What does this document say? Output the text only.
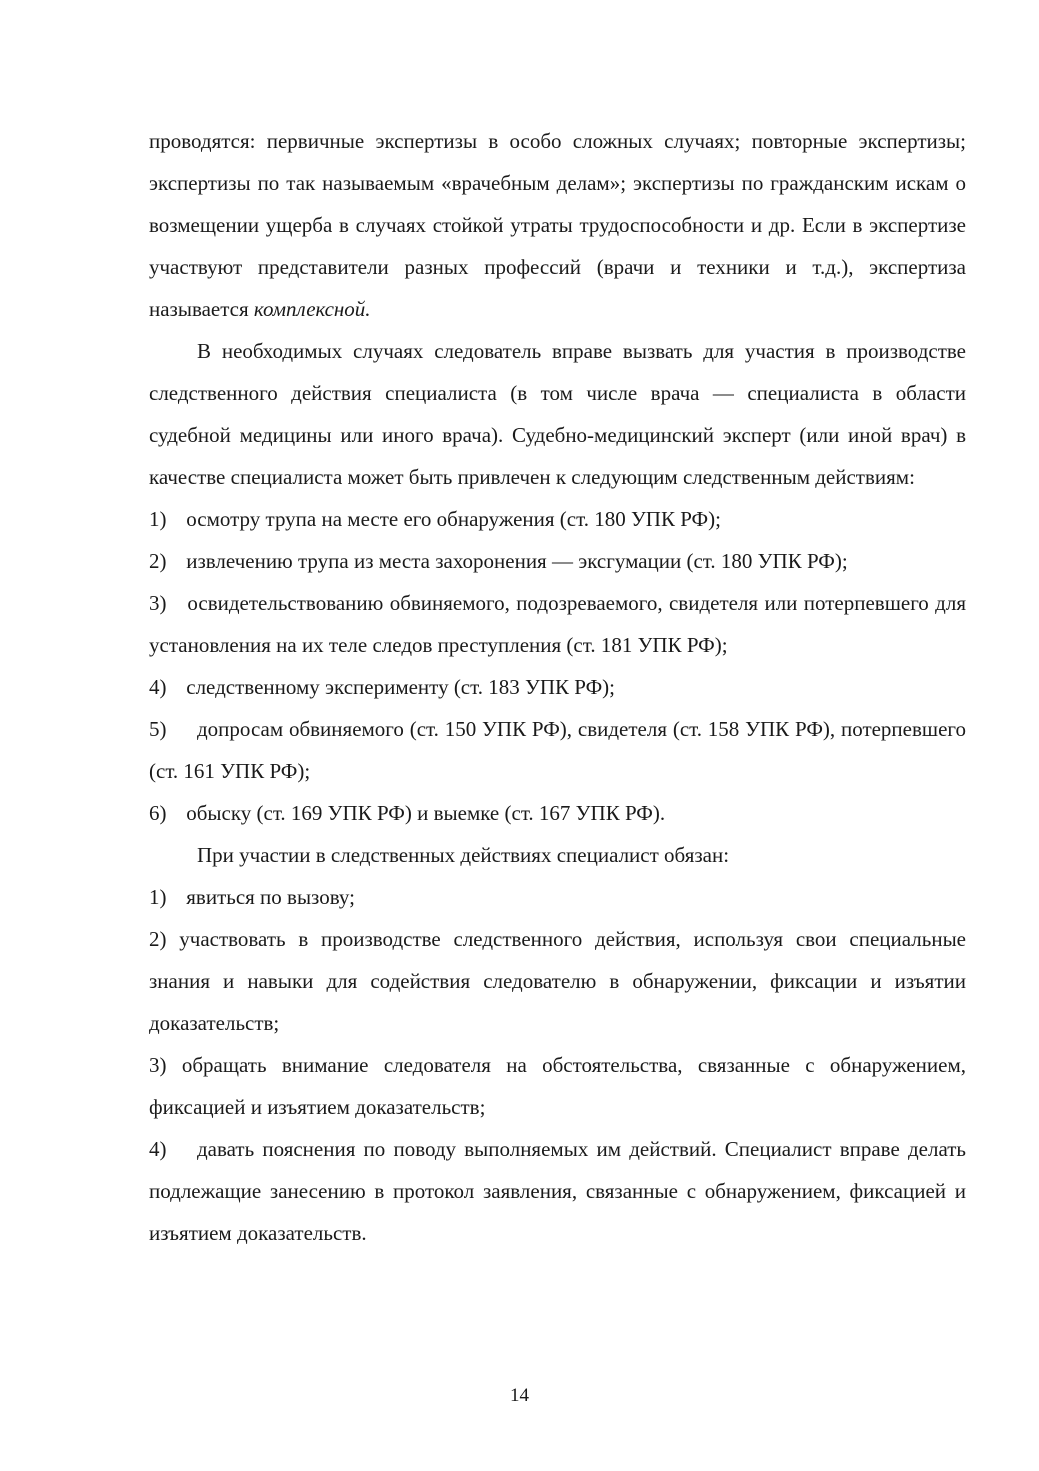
проводятся: первичные экспертизы в особо сложных случаях; повторные экспертизы; экспертизы по так называемым «врачебным делам»; экспертизы по гражданским искам о возмещении ущерба в случаях стойкой утраты трудоспособности и др. Если в экспертизе участвуют представители разных профессий (врачи и техники и т.д.), экспертиза называется комплексной.

В необходимых случаях следователь вправе вызвать для участия в производстве следственного действия специалиста (в том числе врача — специалиста в области судебной медицины или иного врача). Судебно-медицинский эксперт (или иной врач) в качестве специалиста может быть привлечен к следующим следственным действиям:

1) осмотру трупа на месте его обнаружения (ст. 180 УПК РФ);

2) извлечению трупа из места захоронения — эксгумации (ст. 180 УПК РФ);

3) освидетельствованию обвиняемого, подозреваемого, свидетеля или потерпевшего для установления на их теле следов преступления (ст. 181 УПК РФ);

4) следственному эксперименту (ст. 183 УПК РФ);

5) допросам обвиняемого (ст. 150 УПК РФ), свидетеля (ст. 158 УПК РФ), потерпевшего (ст. 161 УПК РФ);

6) обыску (ст. 169 УПК РФ) и выемке (ст. 167 УПК РФ).

При участии в следственных действиях специалист обязан:

1) явиться по вызову;

2) участвовать в производстве следственного действия, используя свои специальные знания и навыки для содействия следователю в обнаружении, фиксации и изъятии доказательств;

3) обращать внимание следователя на обстоятельства, связанные с обнаружением, фиксацией и изъятием доказательств;

4) давать пояснения по поводу выполняемых им действий. Специалист вправе делать подлежащие занесению в протокол заявления, связанные с обнаружением, фиксацией и изъятием доказательств.

14
